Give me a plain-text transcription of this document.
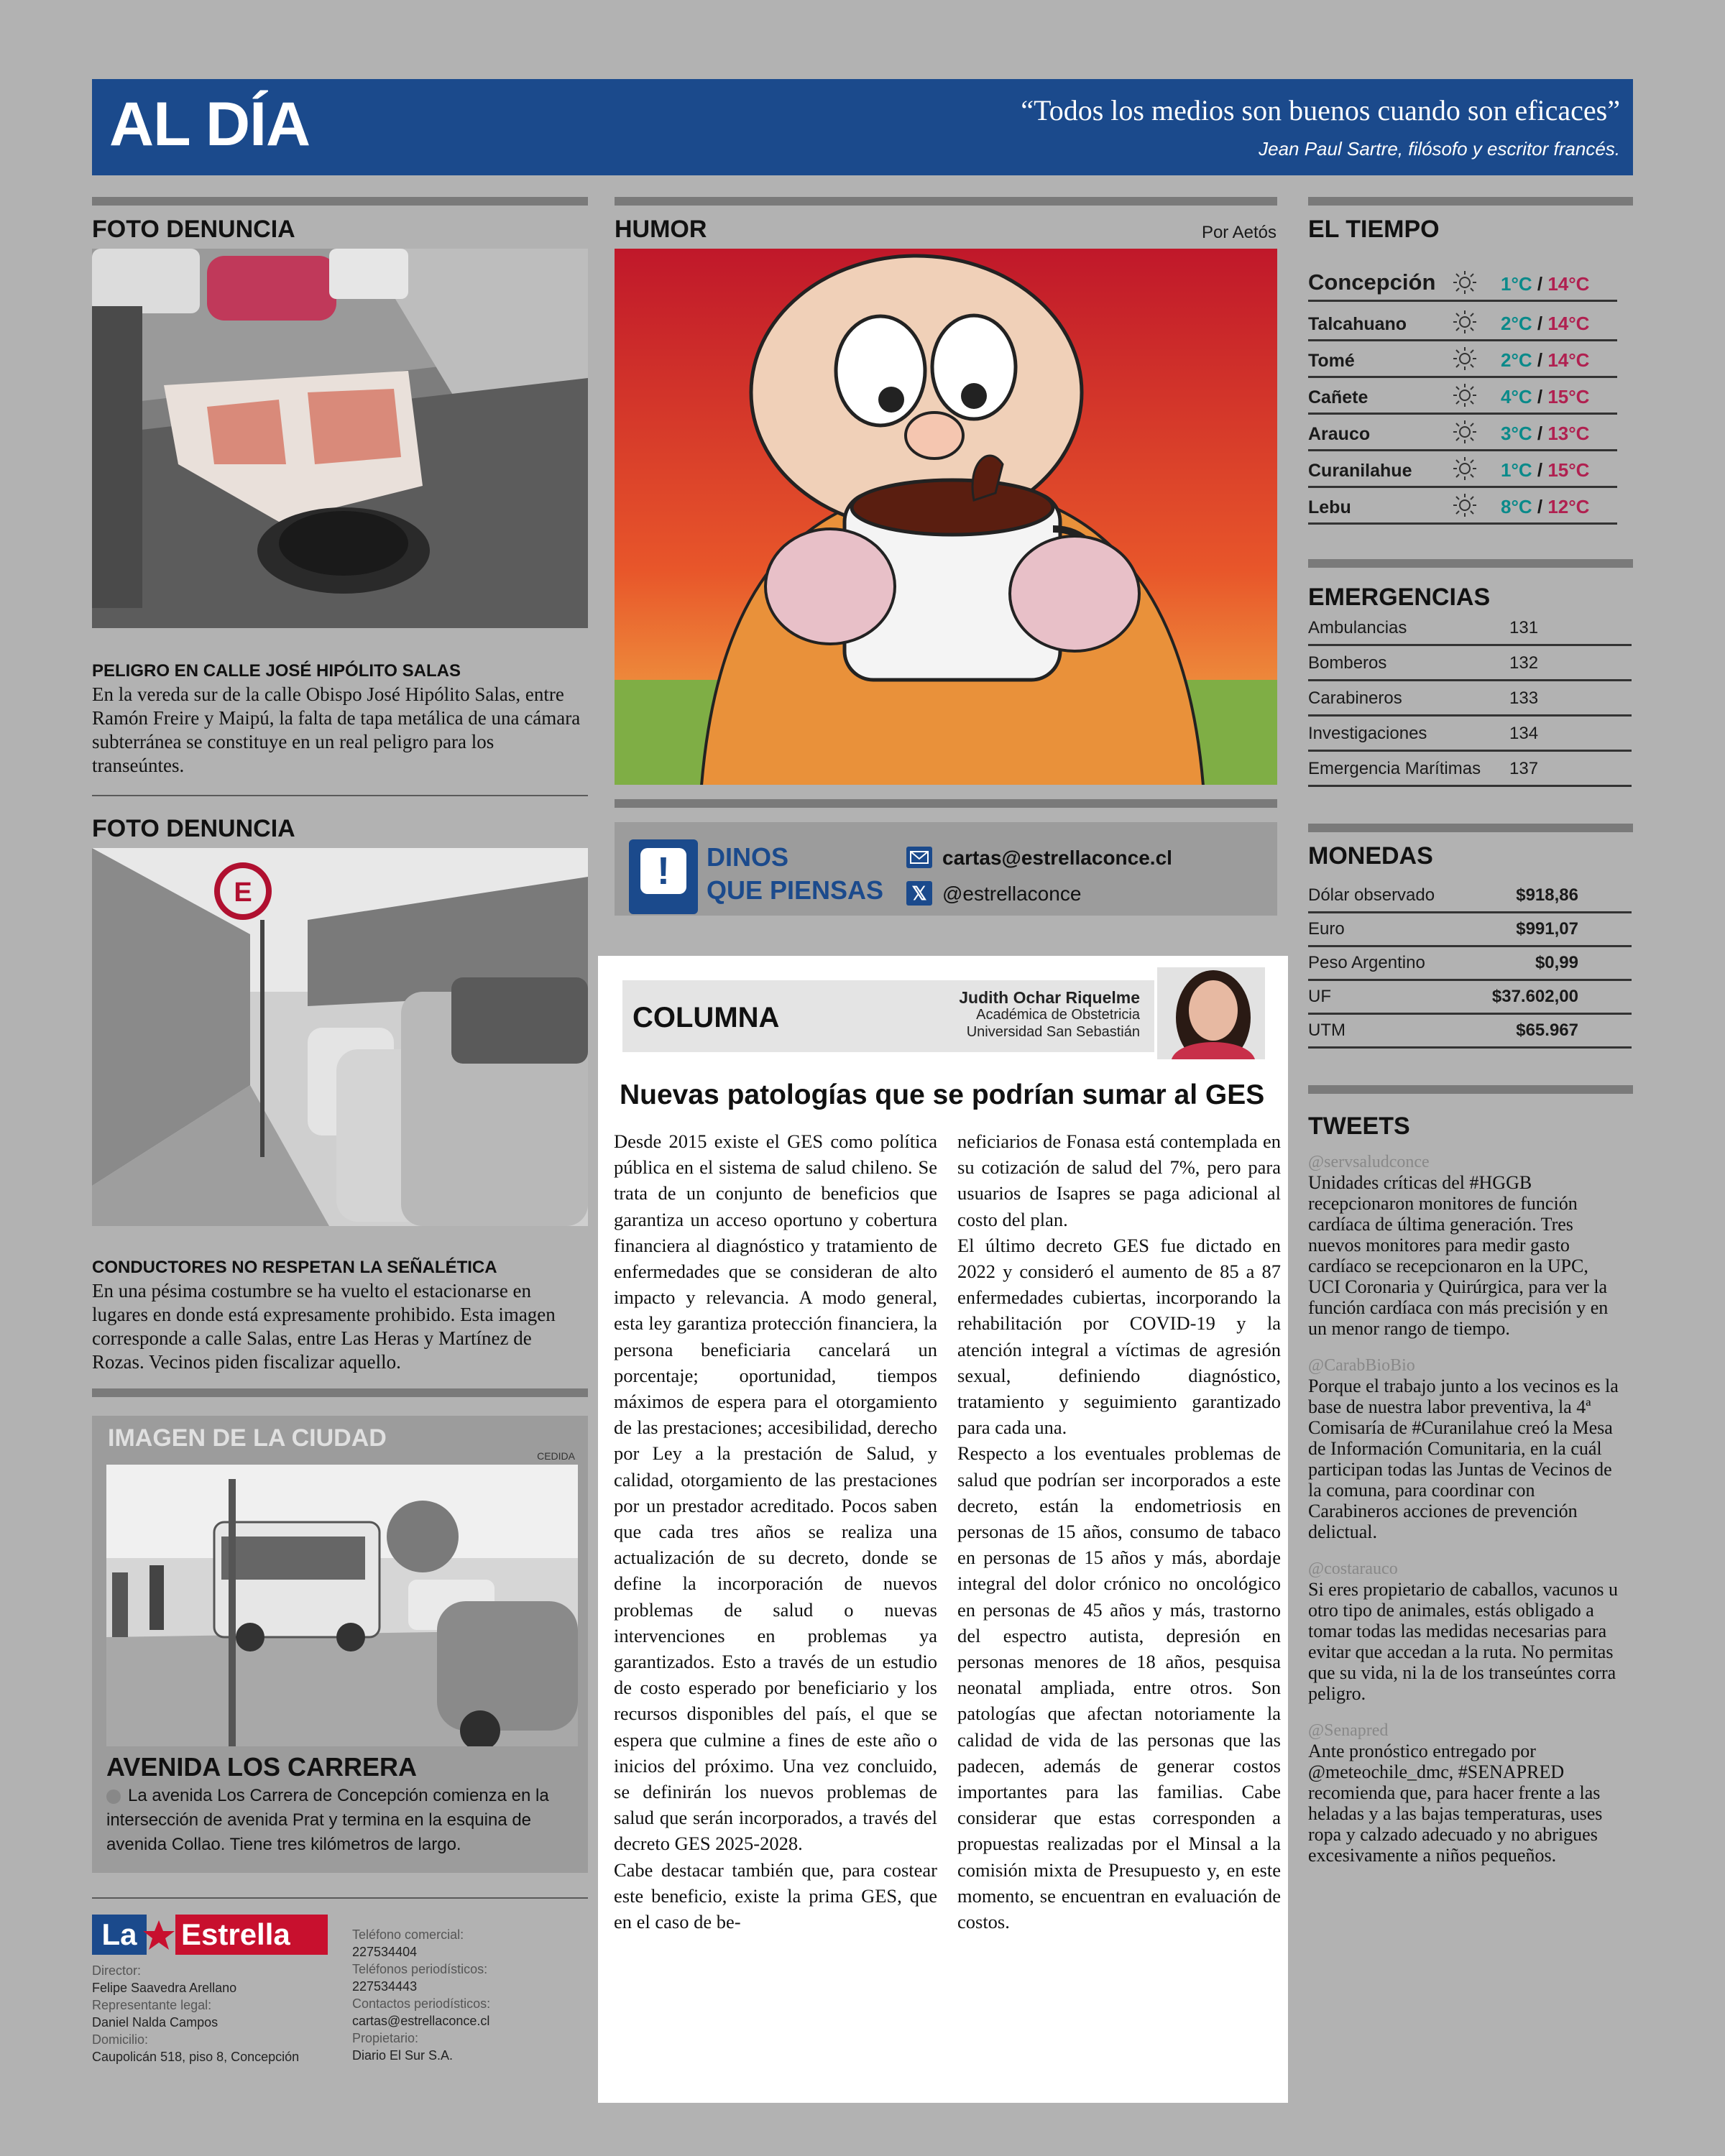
AL DÍA	“Todos los medios son buenos cuando son eficaces”
Jean Paul Sartre, filósofo y escritor francés.
FOTO DENUNCIA
PELIGRO EN CALLE JOSÉ HIPÓLITO SALAS
En la vereda sur de la calle Obispo José Hipólito Salas, entre Ramón Freire y Maipú, la falta de tapa metálica de una cámara subterránea se constituye en un real peligro para los transeúntes.
FOTO DENUNCIA
E
CONDUCTORES NO RESPETAN LA SEÑALÉTICA
En una pésima costumbre se ha vuelto el estacionarse en lugares en donde está expresamente prohibido. Esta imagen corresponde a calle Salas, entre Las Heras y Martínez de Rozas. Vecinos piden fiscalizar aquello.
IMAGEN DE LA CIUDAD
CEDIDA
AVENIDA LOS CARRERA
La avenida Los Carrera de Concepción comienza en la intersección de avenida Prat y termina en la esquina de avenida Collao. Tiene tres kilómetros de largo.
La	Estrella
Director:
Felipe Saavedra Arellano
Representante legal:
Daniel Naldа Campos
Domicilio:
Caupolicán 518, piso 8, Concepción
Teléfono comercial:
227534404
Teléfonos periodísticos:
227534443
Contactos periodísticos:
cartas@estrellaconce.cl
Propietario:
Diario El Sur S.A.
HUMOR	Por Aetós
!	DINOS
QUE PIENSAS
cartas@estrellaconce.cl
𝕏 @estrellaconce
COLUMNA
Judith Ochar Riquelme
Académica de Obstetricia
Universidad San Sebastián
Nuevas patologías que se podrían sumar al GES
Desde 2015 existe el GES como política pública en el sistema de salud chileno. Se trata de un conjunto de beneficios que garantiza un acceso oportuno y cobertura financiera al diagnóstico y tratamiento de enfermedades que se consideran de alto impacto y relevancia. A modo general, esta ley garantiza protección financiera, la persona beneficiaria cancelará un porcentaje; oportunidad, tiempos máximos de espera para el otorgamiento de las prestaciones; accesibilidad, derecho por Ley a la prestación de Salud, y calidad, otorgamiento de las prestaciones por un prestador acreditado. Pocos saben que cada tres años se realiza una actualización de su decreto, donde se define la incorporación de nuevos problemas de salud o nuevas intervenciones en problemas ya garantizados. Esto a través de un estudio de costo esperado por beneficiario y los recursos disponibles del país, el que se espera que culmine a fines de este año o inicios del próximo. Una vez concluido, se definirán los nuevos problemas de salud que serán incorporados, a través del decreto GES 2025-2028.
Cabe destacar también que, para costear este beneficio, existe la prima GES, que en el caso de be-
neficiarios de Fonasa está contemplada en su cotización de salud del 7%, pero para usuarios de Isapres se paga adicional al costo del plan.
El último decreto GES fue dictado en 2022 y consideró el aumento de 85 a 87 enfermedades cubiertas, incorporando la rehabilitación por COVID-19 y la atención integral a víctimas de agresión sexual, definiendo diagnóstico, tratamiento y seguimiento garantizado para cada una.
Respecto a los eventuales problemas de salud que podrían ser incorporados a este decreto, están la endometriosis en personas de 15 años, consumo de tabaco en personas de 15 años y más, abordaje integral del dolor crónico no oncológico en personas de 45 años y más, trastorno del espectro autista, depresión en personas menores de 18 años, pesquisa neonatal ampliada, entre otros. Son patologías que afectan notoriamente la calidad de vida de las personas que las padecen, además de generar costos importantes para las familias. Cabe considerar que estas corresponden a propuestas realizadas por el Minsal a la comisión mixta de Presupuesto y, en este momento, se encuentran en evaluación de costos.
EL TIEMPO
Concepción	1°C / 14°C
Talcahuano	2°C / 14°C
Tomé	2°C / 14°C
Cañete	4°C / 15°C
Arauco	3°C / 13°C
Curanilahue	1°C / 15°C
Lebu	8°C / 12°C
EMERGENCIAS
Ambulancias	131
Bomberos	132
Carabineros	133
Investigaciones	134
Emergencia Marítimas 137
MONEDAS
Dólar observado	$918,86
Euro	$991,07
Peso Argentino	$0,99
UF	$37.602,00
UTM	$65.967
TWEETS
@servsaludconce
Unidades críticas del #HGGB recepcionaron monitores de función cardíaca de última generación. Tres nuevos monitores para medir gasto cardíaco se recepcionaron en la UPC, UCI Coronaria y Quirúrgica, para ver la función cardíaca con más precisión y en un menor rango de tiempo.
@CarabBioBio
Porque el trabajo junto a los vecinos es la base de nuestra labor preventiva, la 4ª Comisaría de #Curanilahue creó la Mesa de Información Comunitaria, en la cuál participan todas las Juntas de Vecinos de la comuna, para coordinar con Carabineros acciones de prevención delictual.
@costarauco
Si eres propietario de caballos, vacunos u otro tipo de animales, estás obligado a tomar todas las medidas necesarias para evitar que accedan a la ruta. No permitas que su vida, ni la de los transeúntes corra peligro.
@Senapred
Ante pronóstico entregado por @meteochile_dmc, #SENAPRED recomienda que, para hacer frente a las heladas y a las bajas temperaturas, uses ropa y calzado adecuado y no abrigues excesivamente a niños pequeños.
